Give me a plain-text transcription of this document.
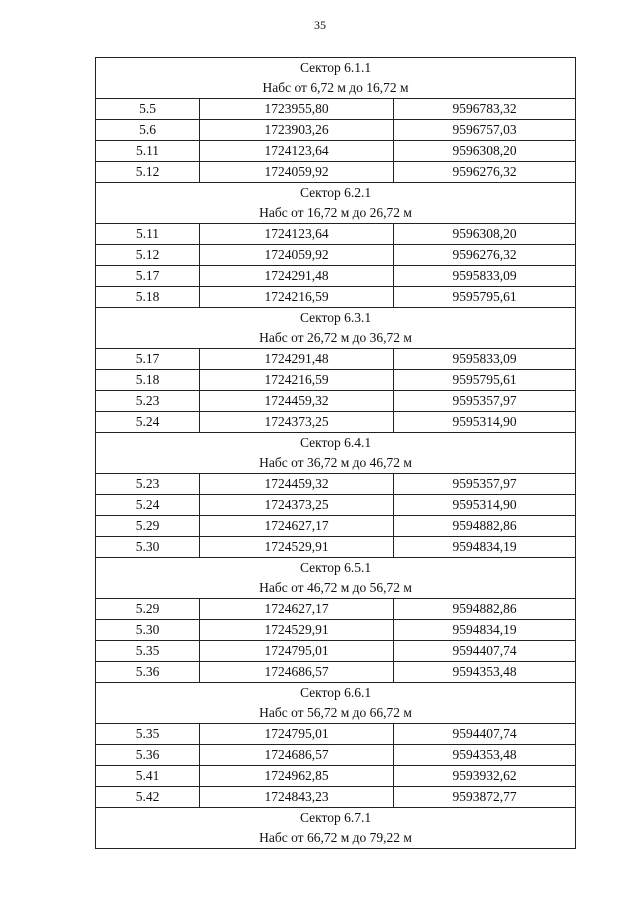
35
Сектор 6.1.1
Набс от 6,72 м до 16,72 м		

5.5	1723955,80	9596783,32
5.6	1723903,26	9596757,03
5.11	1724123,64	9596308,20
5.12	1724059,92	9596276,32

Сектор 6.2.1
Набс от 16,72 м до 26,72 м		

5.11	1724123,64	9596308,20
5.12	1724059,92	9596276,32
5.17	1724291,48	9595833,09
5.18	1724216,59	9595795,61

Сектор 6.3.1
Набс от 26,72 м до 36,72 м		

5.17	1724291,48	9595833,09
5.18	1724216,59	9595795,61
5.23	1724459,32	9595357,97
5.24	1724373,25	9595314,90

Сектор 6.4.1
Набс от 36,72 м до 46,72 м		

5.23	1724459,32	9595357,97
5.24	1724373,25	9595314,90
5.29	1724627,17	9594882,86
5.30	1724529,91	9594834,19

Сектор 6.5.1
Набс от 46,72 м до 56,72 м		

5.29	1724627,17	9594882,86
5.30	1724529,91	9594834,19
5.35	1724795,01	9594407,74
5.36	1724686,57	9594353,48

Сектор 6.6.1
Набс от 56,72 м до 66,72 м		

5.35	1724795,01	9594407,74
5.36	1724686,57	9594353,48
5.41	1724962,85	9593932,62
5.42	1724843,23	9593872,77

Сектор 6.7.1
Набс от 66,72 м до 79,22 м		
